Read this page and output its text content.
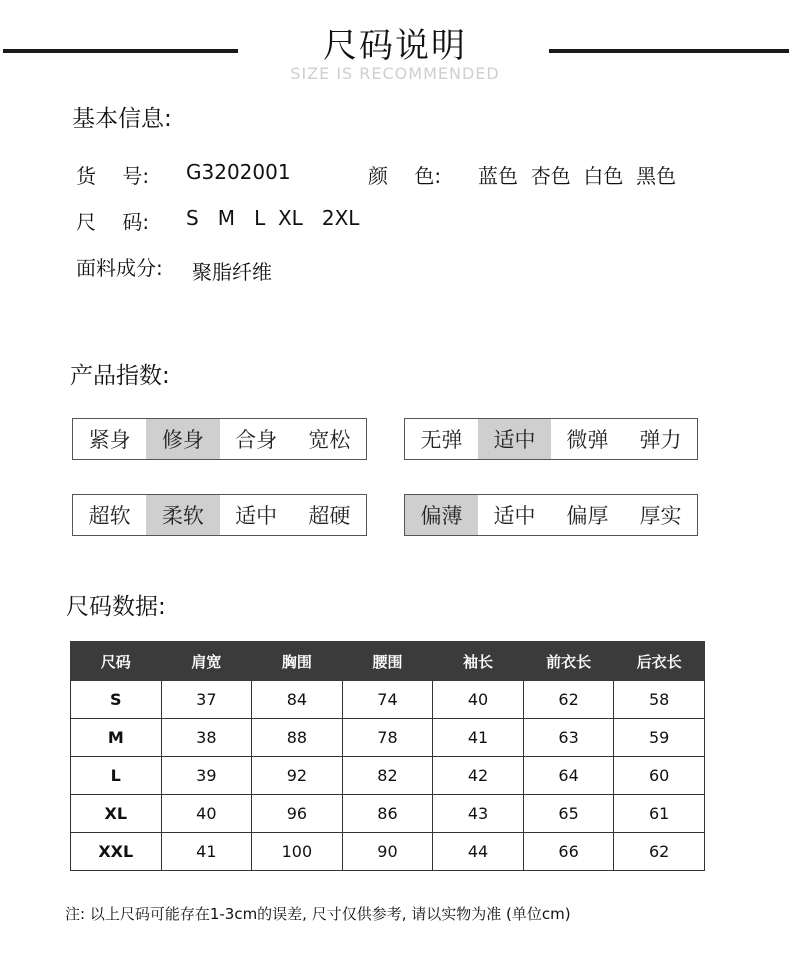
尺码说明
SIZE IS RECOMMENDED
基本信息:
货　 号: G3202001	颜　 色: 蓝色  杏色  白色  黑色
尺　 码: S   M   L  XL   2XL
面料成分: 聚脂纤维
产品指数:
紧身	修身	合身	宽松	无弹	适中	微弹	弹力
超软	柔软	适中	超硬	偏薄	适中	偏厚	厚实
尺码数据:
尺码	肩宽	胸围	腰围	袖长	前衣长	后衣长
S	37	84	74	40	62	58
M	38	88	78	41	63	59
L	39	92	82	42	64	60
XL	40	96	86	43	65	61
XXL	41	100	90	44	66	62
注: 以上尺码可能存在1-3cm的误差, 尺寸仅供参考, 请以实物为准 (单位cm)
